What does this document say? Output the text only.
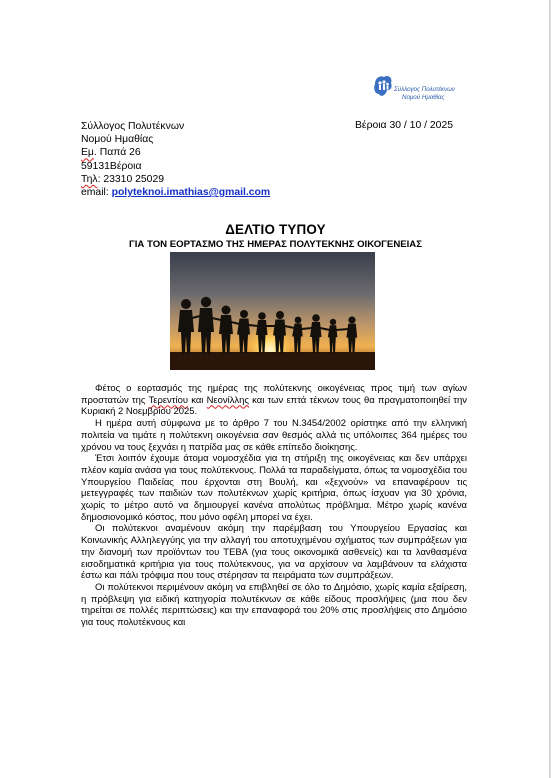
Σύλλογος Πολυτέκνων
Νομού Ημαθίας
Σύλλογος Πολυτέκνων
Νομού Ημαθίας
Εμ. Παπά 26
59131Βέροια
Τηλ: 23310 25029
email: polyteknoi.imathias@gmail.com
Βέροια 30 / 10 / 2025
ΔΕΛΤΙΟ ΤΥΠΟΥ
ΓΙΑ ΤΟΝ ΕΟΡΤΑΣΜΟ ΤΗΣ ΗΜΕΡΑΣ ΠΟΛΥΤΕΚΝΗΣ ΟΙΚΟΓΕΝΕΙΑΣ

Φέτος ο εορτασμός της ημέρας της πολύτεκνης οικογένειας προς τιμή των αγίων προστατών της Τερεντίου και Νεονίλλης και των επτά τέκνων τους θα πραγματοποιηθεί την Κυριακή 2 Νοεμβρίου 2025.

Η ημέρα αυτή σύμφωνα με το άρθρο 7 του Ν.3454/2002 ορίστηκε από την ελληνική πολιτεία να τιμάτε η πολύτεκνη οικογένεια σαν θεσμός αλλά τις υπόλοιπες 364 ημέρες του χρόνου να τους ξεχνάει η πατρίδα μας σε κάθε επίπεδο διοίκησης.

Έτσι λοιπόν έχουμε άτομα νομοσχέδια για τη στήριξη της οικογένειας και δεν υπάρχει πλέον καμία ανάσα για τους πολύτεκνους. Πολλά τα παραδείγματα, όπως τα νομοσχέδια του Υπουργείου Παιδείας που έρχονται στη Βουλή, και «ξεχνούν» να επαναφέρουν τις μετεγγραφές των παιδιών των πολυτέκνων χωρίς κριτήρια, όπως ίσχυαν για 30 χρόνια, χωρίς το μέτρο αυτό να δημιουργεί κανένα απολύτως πρόβλημα. Μέτρο χωρίς κανένα δημοσιονομικό κόστος, που μόνο οφέλη μπορεί να έχει.

Οι πολύτεκνοι αναμένουν ακόμη την παρέμβαση του Υπουργείου Εργασίας και Κοινωνικής Αλληλεγγύης για την αλλαγή του αποτυχημένου σχήματος των συμπράξεων για την διανομή των προϊόντων του ΤΕΒΑ (για τους οικονομικά ασθενείς) και τα λανθασμένα εισοδηματικά κριτήρια για τους πολύτεκνους, για να αρχίσουν να λαμβάνουν τα ελάχιστα έστω και πάλι τρόφιμα που τους στέρησαν τα πειράματα των συμπράξεων.

Οι πολύτεκνοι περιμένουν ακόμη να επιβληθεί σε όλο το Δημόσιο, χωρίς καμία εξαίρεση, η πρόβλεψη για ειδική κατηγορία πολυτέκνων σε κάθε είδους προσλήψεις (μια που δεν τηρείται σε πολλές περιπτώσεις) και την επαναφορά του 20% στις προσλήψεις στο Δημόσιο για τους πολυτέκνους και
